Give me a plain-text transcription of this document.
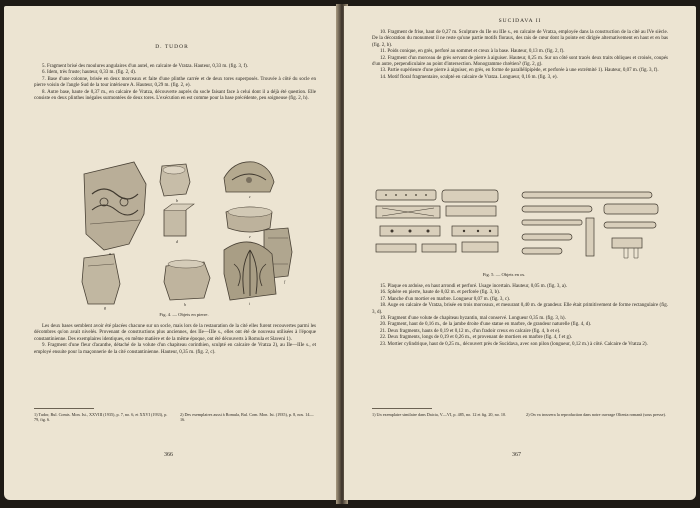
D. TUDOR

5. Fragment brisé des moulures angulaires d'un autel, en calcaire de Vratza. Hauteur, 0,33 m. (fig. 3, f).

6. Idem, très fruste; hauteur, 0,33 m. (fig. 2, d).

7. Base d'une colonne, brisée en deux morceaux et faite d'une plinthe carrée et de deux tores superposés. Trouvée à côté du socle en pierre voisin de l'angle Sud de la tour intérieure A. Hauteur, 0,29 m. (fig. 2, e).

8. Autre base, haute de 0,37 m., en calcaire de Vratza, découverte auprès du socle faisant face à celui dont il a déjà été question. Elle consiste en deux plinthes inégales surmontées de deux tores. L'exécution en est comme pour la base précédente, peu soigneuse (fig. 2, h).

a
b
c
d
e
f
g
h	i
Fig. 4. — Objets en pierre.

Les deux bases semblent avoir été placées chacune sur un socle, mais lors de la restauration de la cité elles furent recouvertes parmi les décombres qu'on avait nivelés. Provenant de constructions plus anciennes, des IIe—IIIe s., elles ont été de nouveau utilisées à l'époque constantinienne. Des exemplaires identiques, en même matière et de la même époque, ont été découverts à Romula et Slaveni 1).

9. Fragment d'une fleur d'acanthe, détaché de la volute d'un chapiteau corinthien, sculpté en calcaire de Vratza 2), au IIe—IIIe s., et employé ensuite pour la maçonnerie de la cité constantinienne. Hauteur, 0,35 m. (fig. 2, c).

1) Tudor, Bul. Comis. Mon. Ist., XXVIII (1935), p. 7, no. 6, et XXVI (1933), p. 79, fig. 6.
2) Des exemplaires aussi à Romula, Bul. Com. Mon. Ist. (1935), p. 8, nos. 14—16.
366
SUCIDAVA II

10. Fragment de frise, haut de 0,27 m. Sculpture du IIe ou IIIe s., en calcaire de Vratza, employée dans la construction de la cité au IVe siècle. De la décoration du monument il ne reste qu'une partie motifs floraux, des rais de cœur dont la pointe est dirigée alternativement en haut et en bas (fig. 2, b).

11. Poids conique, en grès, perforé au sommet et creux à la base. Hauteur, 0,13 m. (fig. 2, f).

12. Fragment d'un morceau de grès servant de pierre à aiguiser. Hauteur, 0,25 m. Sur un côté sont tracés deux traits obliques et croisés, coupés d'un autre, perpendiculaire au point d'intersection. Monogramme chrétien? (fig. 2, g).

13. Partie supérieure d'une pierre à aiguiser, en grès, en forme de parallélipipède, et perforée à une extrémité 1). Hauteur, 0,07 m. (fig. 3, f).

14. Motif floral fragmentaire, sculpté en calcaire de Vratza. Longueur, 0,16 m. (fig. 3, e).

Fig. 5. — Objets en os.

15. Plaque en ardoise, en haut arrondi et perforé. Usage incertain. Hauteur, 0,05 m. (fig. 3, a).

16. Sphère en pierre, haute de 0,02 m. et perforée (fig. 3, b).

17. Manche d'un mortier en marbre. Longueur 0,07 m. (fig. 3, c).

18. Auge en calcaire de Vratza, brisée en trois morceaux, et mesurant 0,40 m. de grandeur. Elle était primitivement de forme rectangulaire (fig. 3, d).

19. Fragment d'une volute de chapiteau byzantin, mal conservé. Longueur 0,35 m. (fig. 3, h).

20. Fragment, haut de 0,16 m., de la jambe droite d'une statue en marbre, de grandeur naturelle (fig. 4, d).

21. Deux fragments, hauts de 0,19 et 0,12 m., d'un fradoir creux en calcaire (fig. 4, b et e).

22. Deux fragments, longs de 0,19 et 0,26 m., et provenant de mortiers en marbre (fig. 4, f et g).

23. Mortier cylindrique, haut de 0,25 m., découvert près de Sucidava, avec son pilon (longueur, 0,12 m.) à côté. Calcaire de Vratza 2).

1) Un exemplaire similaire dans Daicia, V—VI, p. 485, no. 12 et fig. 20, no. 10.	2) On va trouvera la reproduction dans notre ouvrage Oltenia romană (sous presse).
367
